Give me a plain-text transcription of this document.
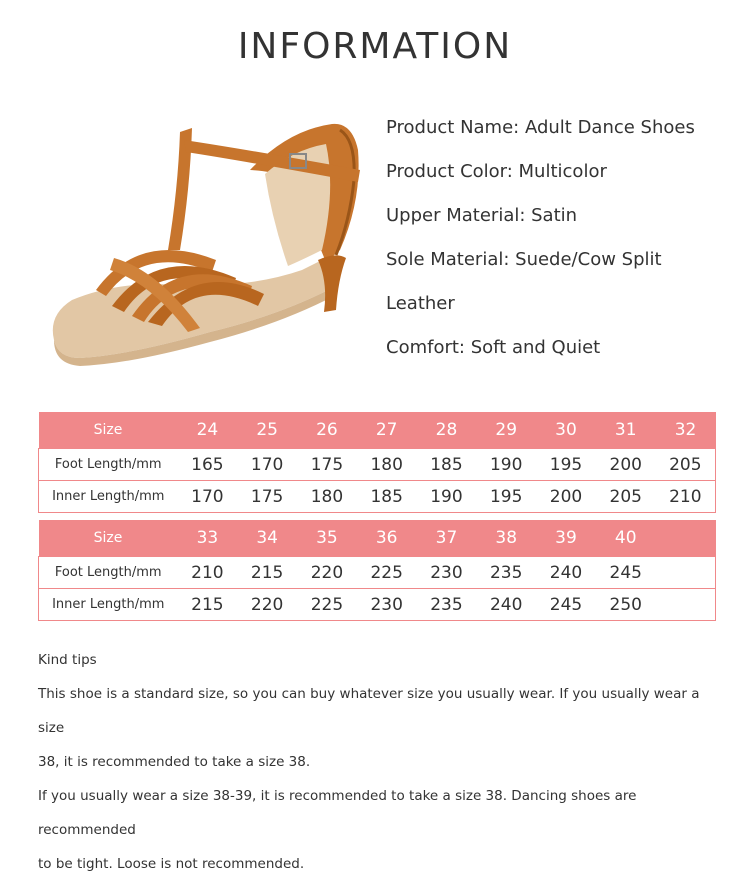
INFORMATION
Product Name: Adult Dance Shoes
Product Color: Multicolor
Upper Material: Satin
Sole Material: Suede/Cow Split
Leather
Comfort: Soft and Quiet
Size	24	25	26	27	28	29	30	31	32
Foot Length/mm	165	170	175	180	185	190	195	200	205
Inner Length/mm	170	175	180	185	190	195	200	205	210
Size	33	34	35	36	37	38	39	40	
Foot Length/mm	210	215	220	225	230	235	240	245	
Inner Length/mm	215	220	225	230	235	240	245	250	
Kind tips
This shoe is a standard size, so you can buy whatever size you usually wear. If you usually wear a size
38, it is recommended to take a size 38.
If you usually wear a size 38-39, it is recommended to take a size 38. Dancing shoes are recommended
to be tight. Loose is not recommended.
